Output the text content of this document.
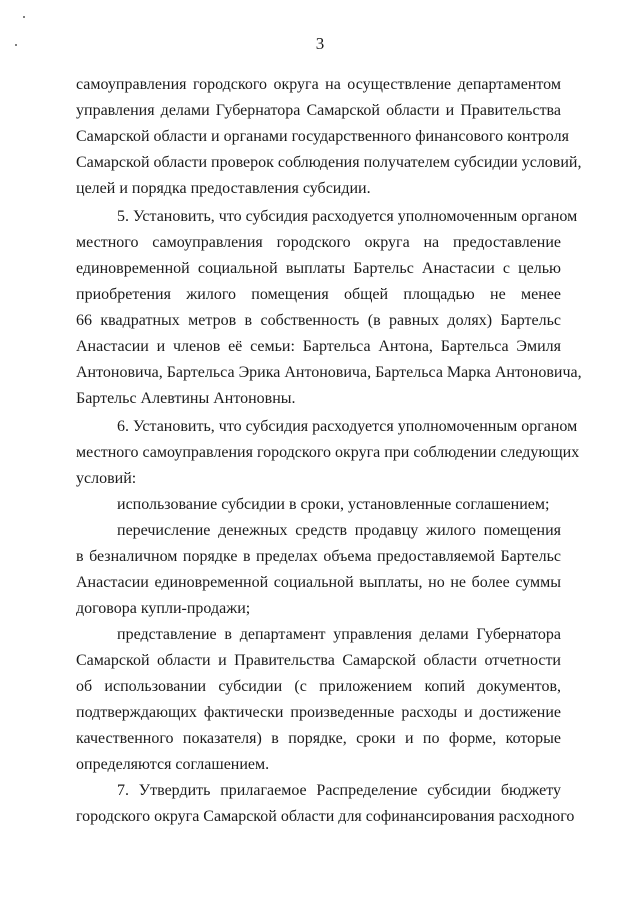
3
самоуправления городского округа на осуществление департаментом
управления делами Губернатора Самарской области и Правительства
Самарской области и органами государственного финансового контроля
Самарской области проверок соблюдения получателем субсидии условий,
целей и порядка предоставления субсидии.
5. Установить, что субсидия расходуется уполномоченным органом
местного самоуправления городского округа на предоставление
единовременной социальной выплаты Бартельс Анастасии с целью
приобретения жилого помещения общей площадью не менее
66 квадратных метров в собственность (в равных долях) Бартельс
Анастасии и членов её семьи: Бартельса Антона, Бартельса Эмиля
Антоновича, Бартельса Эрика Антоновича, Бартельса Марка Антоновича,
Бартельс Алевтины Антоновны.
6. Установить, что субсидия расходуется уполномоченным органом
местного самоуправления городского округа при соблюдении следующих
условий:
использование субсидии в сроки, установленные соглашением;
перечисление денежных средств продавцу жилого помещения
в безналичном порядке в пределах объема предоставляемой Бартельс
Анастасии единовременной социальной выплаты, но не более суммы
договора купли-продажи;
представление в департамент управления делами Губернатора
Самарской области и Правительства Самарской области отчетности
об использовании субсидии (с приложением копий документов,
подтверждающих фактически произведенные расходы и достижение
качественного показателя) в порядке, сроки и по форме, которые
определяются соглашением.
7. Утвердить прилагаемое Распределение субсидии бюджету
городского округа Самарской области для софинансирования расходного
